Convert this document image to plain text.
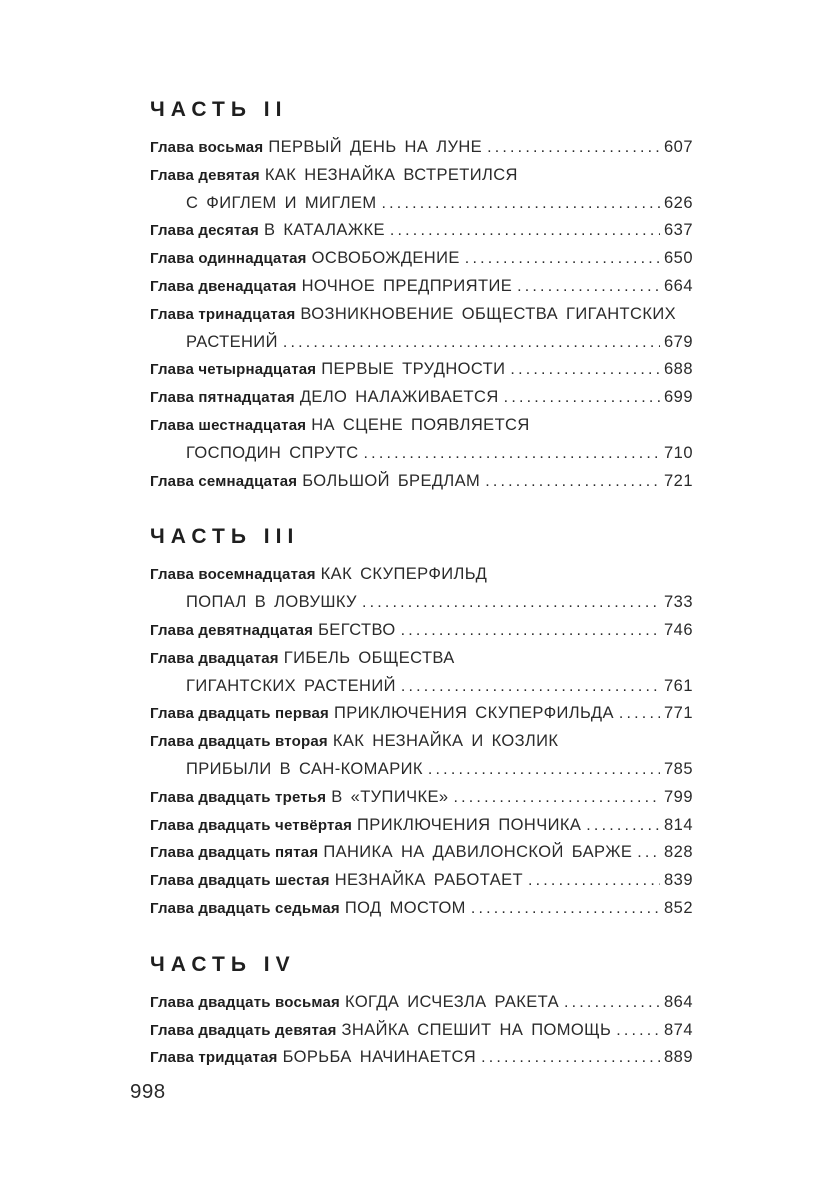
ЧАСТЬ II
Глава восьмая ПЕРВЫЙ ДЕНЬ НА ЛУНЕ .....	607
Глава девятая КАК НЕЗНАЙКА ВСТРЕТИЛСЯ
С ФИГЛЕМ И МИГЛЕМ .....	626
Глава десятая В КАТАЛАЖКЕ .....	637
Глава одиннадцатая ОСВОБОЖДЕНИЕ .....	650
Глава двенадцатая НОЧНОЕ ПРЕДПРИЯТИЕ .....	664
Глава тринадцатая ВОЗНИКНОВЕНИЕ ОБЩЕСТВА ГИГАНТСКИХ
РАСТЕНИЙ .....	679
Глава четырнадцатая ПЕРВЫЕ ТРУДНОСТИ .....	688
Глава пятнадцатая ДЕЛО НАЛАЖИВАЕТСЯ .....	699
Глава шестнадцатая НА СЦЕНЕ ПОЯВЛЯЕТСЯ
ГОСПОДИН СПРУТС .....	710
Глава семнадцатая БОЛЬШОЙ БРЕДЛАМ .....	721
ЧАСТЬ III
Глава восемнадцатая КАК СКУПЕРФИЛЬД
ПОПАЛ В ЛОВУШКУ .....	733
Глава девятнадцатая БЕГСТВО .....	746
Глава двадцатая ГИБЕЛЬ ОБЩЕСТВА
ГИГАНТСКИХ РАСТЕНИЙ .....	761
Глава двадцать первая ПРИКЛЮЧЕНИЯ СКУПЕРФИЛЬДА .....	771
Глава двадцать вторая КАК НЕЗНАЙКА И КОЗЛИК
ПРИБЫЛИ В САН-КОМАРИК .....	785
Глава двадцать третья В «ТУПИЧКЕ» .....	799
Глава двадцать четвёртая ПРИКЛЮЧЕНИЯ ПОНЧИКА .....	814
Глава двадцать пятая ПАНИКА НА ДАВИЛОНСКОЙ БАРЖЕ ..... 828
Глава двадцать шестая НЕЗНАЙКА РАБОТАЕТ .....	839
Глава двадцать седьмая ПОД МОСТОМ .....	852
ЧАСТЬ IV
Глава двадцать восьмая КОГДА ИСЧЕЗЛА РАКЕТА .....	864
Глава двадцать девятая ЗНАЙКА СПЕШИТ НА ПОМОЩЬ .....	874
Глава тридцатая БОРЬБА НАЧИНАЕТСЯ .....	889
998
